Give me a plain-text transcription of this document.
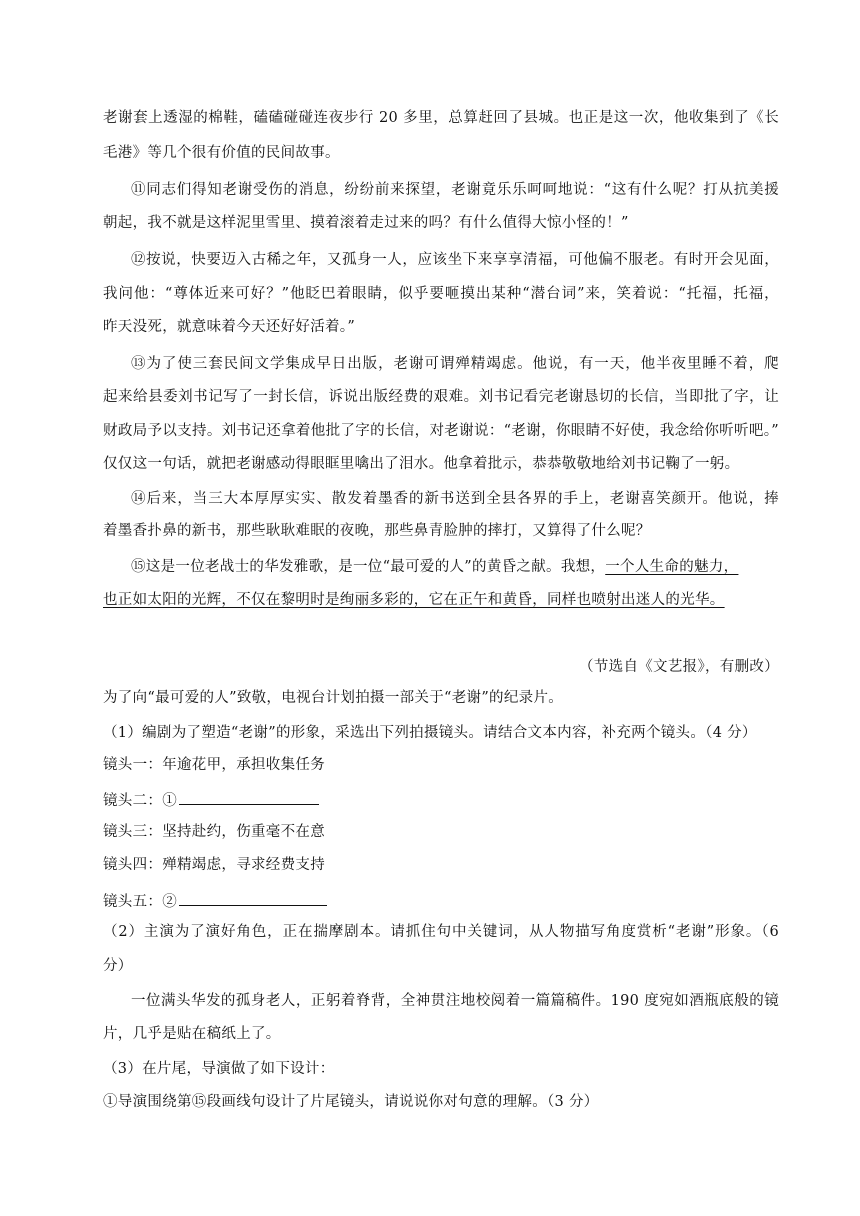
老谢套上透湿的棉鞋，磕磕碰碰连夜步行 20 多里，总算赶回了县城。也正是这一次，他收集到了《长
毛港》等几个很有价值的民间故事。
⑪同志们得知老谢受伤的消息，纷纷前来探望，老谢竟乐乐呵呵地说：“这有什么呢？打从抗美援
朝起，我不就是这样泥里雪里、摸着滚着走过来的吗？有什么值得大惊小怪的！”
⑫按说，快要迈入古稀之年，又孤身一人，应该坐下来享享清福，可他偏不服老。有时开会见面，
我问他：“尊体近来可好？”他眨巴着眼睛，似乎要咂摸出某种“潜台词”来，笑着说：“托福，托福，
昨天没死，就意味着今天还好好活着。”
⑬为了使三套民间文学集成早日出版，老谢可谓殚精竭虑。他说，有一天，他半夜里睡不着，爬
起来给县委刘书记写了一封长信，诉说出版经费的艰难。刘书记看完老谢恳切的长信，当即批了字，让
财政局予以支持。刘书记还拿着他批了字的长信，对老谢说：“老谢，你眼睛不好使，我念给你听听吧。”
仅仅这一句话，就把老谢感动得眼眶里噙出了泪水。他拿着批示，恭恭敬敬地给刘书记鞠了一躬。
⑭后来，当三大本厚厚实实、散发着墨香的新书送到全县各界的手上，老谢喜笑颜开。他说，捧
着墨香扑鼻的新书，那些耿耿难眠的夜晚，那些鼻青脸肿的摔打，又算得了什么呢？
⑮这是一位老战士的华发雅歌，是一位“最可爱的人”的黄昏之献。我想，一个人生命的魅力，
也正如太阳的光辉，不仅在黎明时是绚丽多彩的，它在正午和黄昏，同样也喷射出迷人的光华。
（节选自《文艺报》，有删改）
为了向“最可爱的人”致敬，电视台计划拍摄一部关于“老谢”的纪录片。
（1）编剧为了塑造“老谢”的形象，采选出下列拍摄镜头。请结合文本内容，补充两个镜头。（4 分）
镜头一：年逾花甲，承担收集任务
镜头二：①
镜头三：坚持赴约，伤重毫不在意
镜头四：殚精竭虑，寻求经费支持
镜头五：②
（2）主演为了演好角色，正在揣摩剧本。请抓住句中关键词，从人物描写角度赏析“老谢”形象。（6
分）
一位满头华发的孤身老人，正躬着脊背，全神贯注地校阅着一篇篇稿件。190 度宛如酒瓶底般的镜
片，几乎是贴在稿纸上了。
（3）在片尾，导演做了如下设计：
①导演围绕第⑮段画线句设计了片尾镜头，请说说你对句意的理解。（3 分）
